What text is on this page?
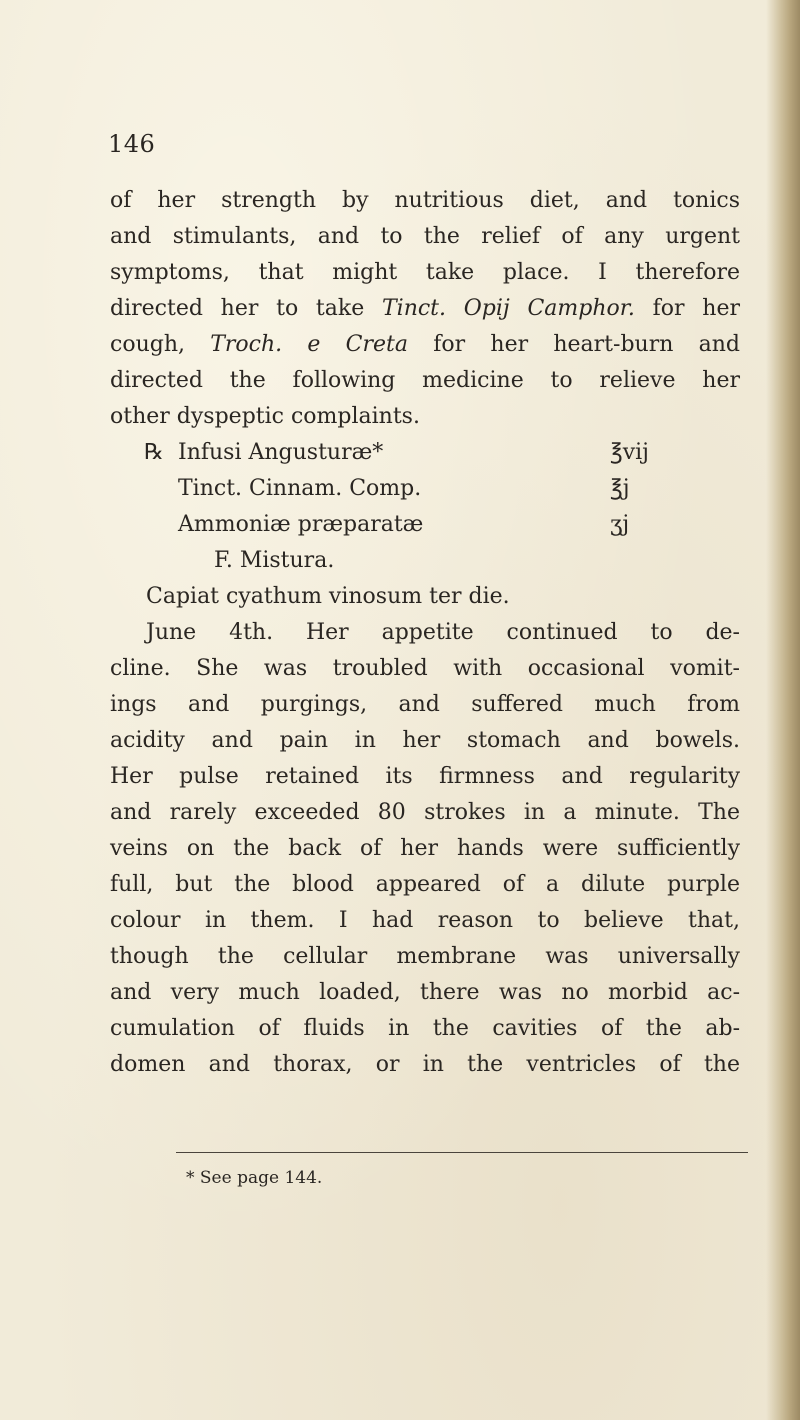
146
of her strength by nutritious diet, and tonics
and stimulants, and to the relief of any urgent
symptoms, that might take place. I therefore
directed her to take Tinct. Opij Camphor. for her
cough, Troch. e Creta for her heart-burn and
directed the following medicine to relieve her
other dyspeptic complaints.
℞ Infusi Angusturæ*	℥vij
Tinct. Cinnam. Comp.	℥j
Ammoniæ præparatæ	ʒj
F. Mistura.
Capiat cyathum vinosum ter die.
June 4th. Her appetite continued to de-
cline. She was troubled with occasional vomit-
ings and purgings, and suffered much from
acidity and pain in her stomach and bowels.
Her pulse retained its firmness and regularity
and rarely exceeded 80 strokes in a minute. The
veins on the back of her hands were sufficiently
full, but the blood appeared of a dilute purple
colour in them. I had reason to believe that,
though the cellular membrane was universally
and very much loaded, there was no morbid ac-
cumulation of fluids in the cavities of the ab-
domen and thorax, or in the ventricles of the
* See page 144.
